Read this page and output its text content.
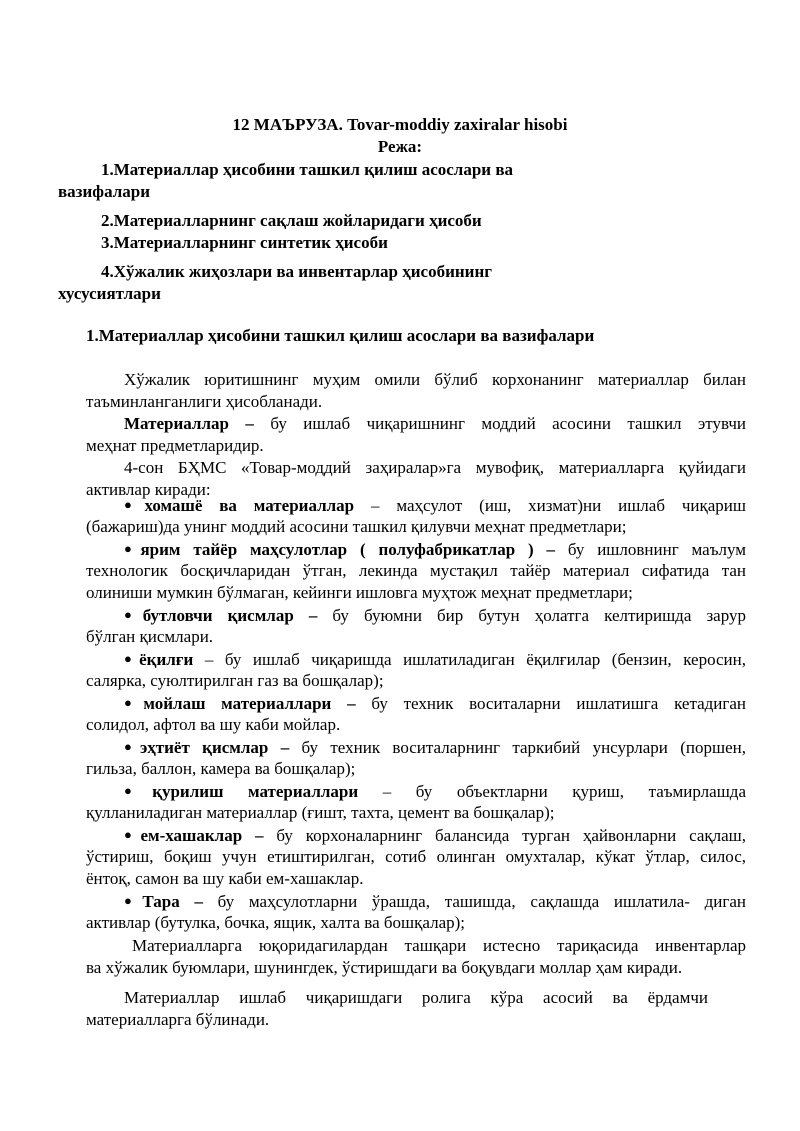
12 МАЪРУЗА. Tovar-moddiy zaxiralar hisobi
Режа:
1.Материаллар ҳисобини ташкил қилиш асослари ва
вазифалари
2.Материалларнинг сақлаш жойларидаги ҳисоби
3.Материалларнинг синтетик ҳисоби
4.Хўжалик жиҳозлари ва инвентарлар ҳисобининг
хусусиятлари
1.Материаллар ҳисобини ташкил қилиш асослари ва вазифалари
Хўжалик юритишнинг муҳим омили бўлиб корхонанинг материаллар билан
таъминланганлиги ҳисобланади.
Материаллар – бу ишлаб чиқаришнинг моддий асосини ташкил этувчи
меҳнат предметларидир.
4-сон БҲМС «Товар-моддий заҳиралар»га мувофиқ, материалларга қуйидаги
активлар киради:
●хомашё ва материаллар – маҳсулот (иш, хизмат)ни ишлаб чиқариш
(бажариш)да унинг моддий асосини ташкил қилувчи меҳнат предметлари;
●ярим тайёр маҳсулотлар ( полуфабрикатлар ) – бу ишловнинг маълум
технологик босқичларидан ўтган, лекинда мустақил тайёр материал сифатида тан
олиниши мумкин бўлмаган, кейинги ишловга муҳтож меҳнат предметлари;
●бутловчи қисмлар – бу буюмни бир бутун ҳолатга келтиришда зарур
бўлган қисмлари.
●ёқилғи – бу ишлаб чиқаришда ишлатиладиган ёқилғилар (бензин, керосин,
салярка, суюлтирилган газ ва бошқалар);
●мойлаш материаллари – бу техник воситаларни ишлатишга кетадиган
солидол, афтол ва шу каби мойлар.
●эҳтиёт қисмлар – бу техник воситаларнинг таркибий унсурлари (поршен,
гильза, баллон, камера ва бошқалар);
●қурилиш материаллари – бу объектларни қуриш, таъмирлашда
қулланиладиган материаллар (ғишт, тахта, цемент ва бошқалар);
●ем-хашаклар – бу корхоналарнинг балансида турган ҳайвонларни сақлаш,
ўстириш, боқиш учун етиштирилган, сотиб олинган омухталар, кўкат ўтлар, силос,
ёнтоқ, самон ва шу каби ем-хашаклар.
●Тара – бу маҳсулотларни ўрашда, ташишда, сақлашда ишлатила- диган
активлар (бутулка, бочка, ящик, халта ва бошқалар);
Материалларга юқоридагилардан ташқари истесно тариқасида инвентарлар
ва хўжалик буюмлари, шунингдек, ўстиришдаги ва боқувдаги моллар ҳам киради.
Материаллар ишлаб чиқаришдаги ролига кўра асосий ва ёрдамчи
материалларга бўлинади.
